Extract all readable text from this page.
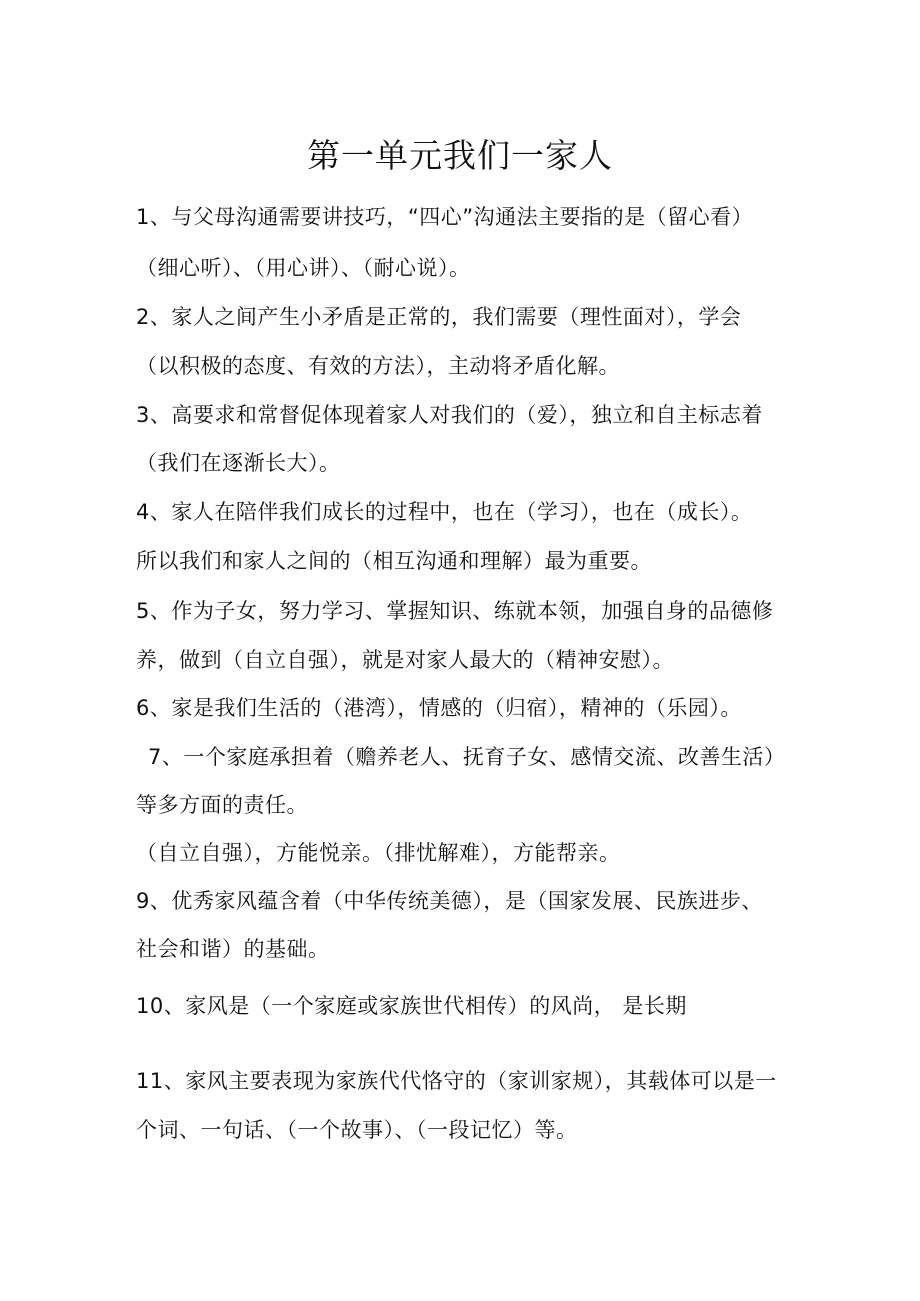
第一单元我们一家人

1、与父母沟通需要讲技巧，“四心”沟通法主要指的是（留心看）

（细心听）、（用心讲）、（耐心说）。

2、家人之间产生小矛盾是正常的，我们需要（理性面对），学会

（以积极的态度、有效的方法），主动将矛盾化解。

3、高要求和常督促体现着家人对我们的（爱），独立和自主标志着

（我们在逐渐长大）。

4、家人在陪伴我们成长的过程中，也在（学习），也在（成长）。

所以我们和家人之间的（相互沟通和理解）最为重要。

5、作为子女，努力学习、掌握知识、练就本领，加强自身的品德修

养，做到（自立自强），就是对家人最大的（精神安慰）。

6、家是我们生活的（港湾），情感的（归宿），精神的（乐园）。

7、一个家庭承担着（赡养老人、抚育子女、感情交流、改善生活）

等多方面的责任。

（自立自强），方能悦亲。（排忧解难），方能帮亲。

9、优秀家风蕴含着（中华传统美德），是（国家发展、民族进步、

社会和谐）的基础。

10、家风是（一个家庭或家族世代相传）的风尚， 是长期

11、家风主要表现为家族代代恪守的（家训家规），其载体可以是一

个词、一句话、（一个故事）、（一段记忆）等。
